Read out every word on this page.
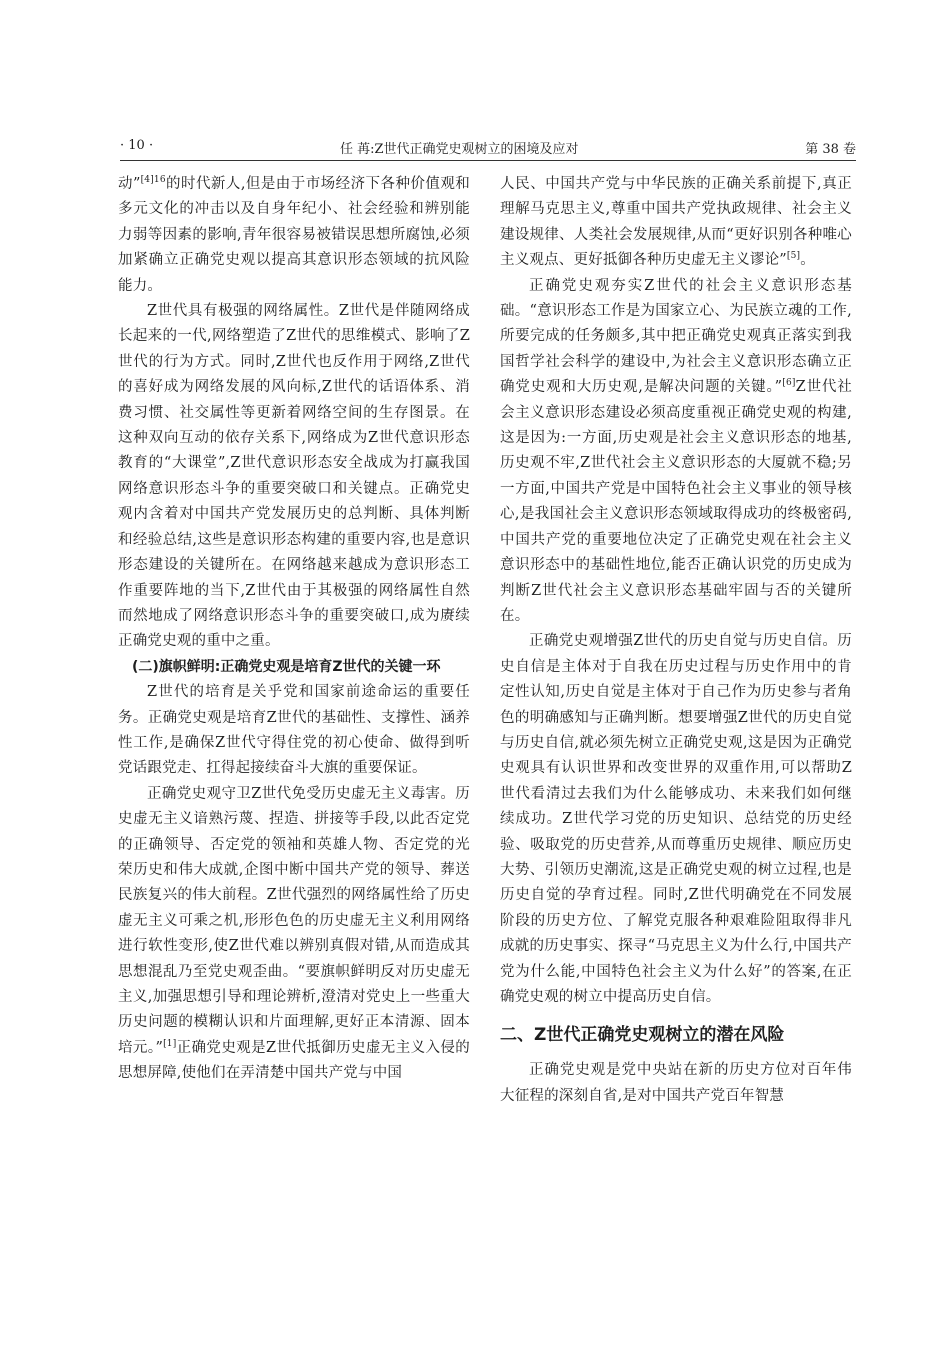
· 10 ·	任 苒:Z世代正确党史观树立的困境及应对	第 38 卷

动”$^{[4]16}$的时代新人,但是由于市场经济下各种价值观和多元文化的冲击以及自身年纪小、社会经验和辨别能力弱等因素的影响,青年很容易被错误思想所腐蚀,必须加紧确立正确党史观以提高其意识形态领域的抗风险能力。

Z世代具有极强的网络属性。Z世代是伴随网络成长起来的一代,网络塑造了Z世代的思维模式、影响了Z世代的行为方式。同时,Z世代也反作用于网络,Z世代的喜好成为网络发展的风向标,Z世代的话语体系、消费习惯、社交属性等更新着网络空间的生存图景。在这种双向互动的依存关系下,网络成为Z世代意识形态教育的“大课堂”,Z世代意识形态安全战成为打赢我国网络意识形态斗争的重要突破口和关键点。正确党史观内含着对中国共产党发展历史的总判断、具体判断和经验总结,这些是意识形态构建的重要内容,也是意识形态建设的关键所在。在网络越来越成为意识形态工作重要阵地的当下,Z世代由于其极强的网络属性自然而然地成了网络意识形态斗争的重要突破口,成为赓续正确党史观的重中之重。

(二)旗帜鲜明:正确党史观是培育Z世代的关键一环

Z世代的培育是关乎党和国家前途命运的重要任务。正确党史观是培育Z世代的基础性、支撑性、涵养性工作,是确保Z世代守得住党的初心使命、做得到听党话跟党走、扛得起接续奋斗大旗的重要保证。

正确党史观守卫Z世代免受历史虚无主义毒害。历史虚无主义谙熟污蔑、捏造、拼接等手段,以此否定党的正确领导、否定党的领袖和英雄人物、否定党的光荣历史和伟大成就,企图中断中国共产党的领导、葬送民族复兴的伟大前程。Z世代强烈的网络属性给了历史虚无主义可乘之机,形形色色的历史虚无主义利用网络进行软性变形,使Z世代难以辨别真假对错,从而造成其思想混乱乃至党史观歪曲。“要旗帜鲜明反对历史虚无主义,加强思想引导和理论辨析,澄清对党史上一些重大历史问题的模糊认识和片面理解,更好正本清源、固本培元。”[1]正确党史观是Z世代抵御历史虚无主义入侵的思想屏障,使他们在弄清楚中国共产党与中国

人民、中国共产党与中华民族的正确关系前提下,真正理解马克思主义,尊重中国共产党执政规律、社会主义建设规律、人类社会发展规律,从而“更好识别各种唯心主义观点、更好抵御各种历史虚无主义谬论”[5]。

正确党史观夯实Z世代的社会主义意识形态基础。“意识形态工作是为国家立心、为民族立魂的工作,所要完成的任务颇多,其中把正确党史观真正落实到我国哲学社会科学的建设中,为社会主义意识形态确立正确党史观和大历史观,是解决问题的关键。”[6]Z世代社会主义意识形态建设必须高度重视正确党史观的构建,这是因为:一方面,历史观是社会主义意识形态的地基,历史观不牢,Z世代社会主义意识形态的大厦就不稳;另一方面,中国共产党是中国特色社会主义事业的领导核心,是我国社会主义意识形态领域取得成功的终极密码,中国共产党的重要地位决定了正确党史观在社会主义意识形态中的基础性地位,能否正确认识党的历史成为判断Z世代社会主义意识形态基础牢固与否的关键所在。

正确党史观增强Z世代的历史自觉与历史自信。历史自信是主体对于自我在历史过程与历史作用中的肯定性认知,历史自觉是主体对于自己作为历史参与者角色的明确感知与正确判断。想要增强Z世代的历史自觉与历史自信,就必须先树立正确党史观,这是因为正确党史观具有认识世界和改变世界的双重作用,可以帮助Z世代看清过去我们为什么能够成功、未来我们如何继续成功。Z世代学习党的历史知识、总结党的历史经验、吸取党的历史营养,从而尊重历史规律、顺应历史大势、引领历史潮流,这是正确党史观的树立过程,也是历史自觉的孕育过程。同时,Z世代明确党在不同发展阶段的历史方位、了解党克服各种艰难险阻取得非凡成就的历史事实、探寻“马克思主义为什么行,中国共产党为什么能,中国特色社会主义为什么好”的答案,在正确党史观的树立中提高历史自信。

二、Z世代正确党史观树立的潜在风险

正确党史观是党中央站在新的历史方位对百年伟大征程的深刻自省,是对中国共产党百年智慧
